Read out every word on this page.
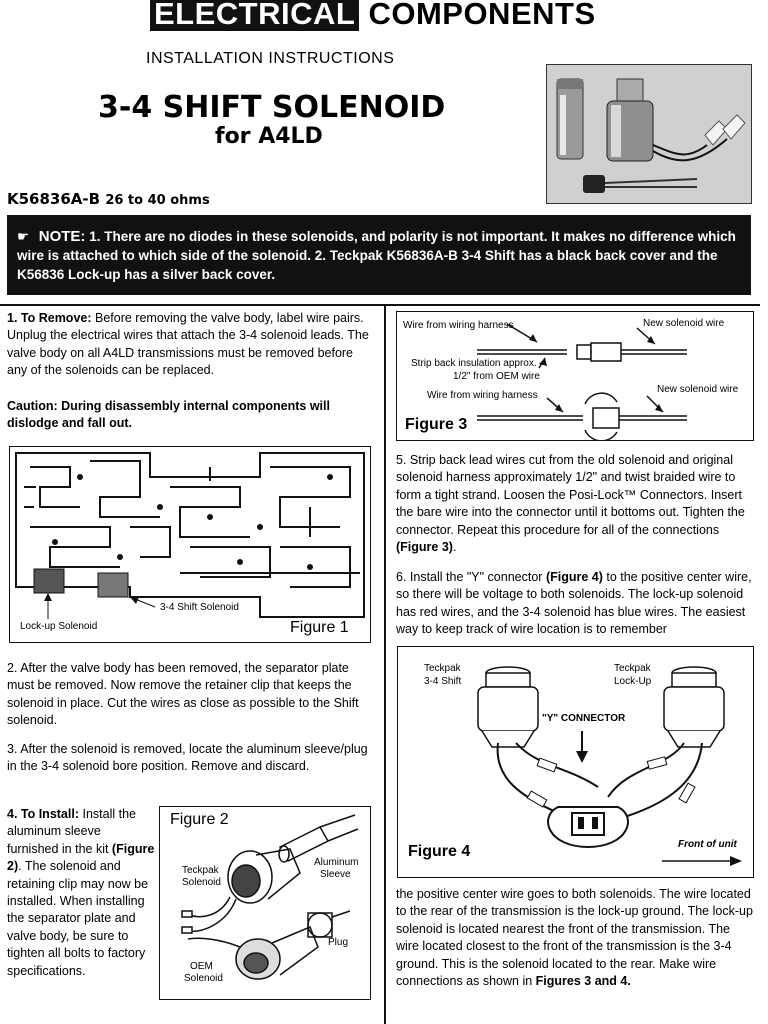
ELECTRICAL COMPONENTS
INSTALLATION INSTRUCTIONS
3-4 SHIFT SOLENOID
for A4LD
K56836A-B 26 to 40 ohms
☛ NOTE: 1. There are no diodes in these solenoids, and polarity is not important. It makes no difference which wire is attached to which side of the solenoid. 2. Teckpak K56836A-B 3-4 Shift has a black back cover and the K56836 Lock-up has a silver back cover.
1. To Remove: Before removing the valve body, label wire pairs. Unplug the electrical wires that attach the 3-4 solenoid leads. The valve body on all A4LD transmissions must be removed before any of the solenoids can be replaced.
Caution: During disassembly internal components will dislodge and fall out.
Lock-up Solenoid
3-4 Shift Solenoid
Figure 1
2. After the valve body has been removed, the separator plate must be removed. Now remove the retainer clip that keeps the solenoid in place. Cut the wires as close as possible to the Shift solenoid.
3. After the solenoid is removed, locate the aluminum sleeve/plug in the 3-4 solenoid bore position. Remove and discard.
4. To Install: Install the aluminum sleeve furnished in the kit (Figure 2). The solenoid and retaining clip may now be installed. When installing the separator plate and valve body, be sure to tighten all bolts to factory specifications.
Figure 2
Teckpak
Solenoid
Aluminum
Sleeve
Plug
OEM
Solenoid
Wire from wiring harness	New solenoid wire
Strip back insulation approx.
1/2" from OEM wire
New solenoid wire
Wire from wiring harness
Figure 3
5. Strip back lead wires cut from the old solenoid and original solenoid harness approximately 1/2" and twist braided wire to form a tight strand. Loosen the Posi-Lock™ Connectors. Insert the bare wire into the connector until it bottoms out. Tighten the connector. Repeat this procedure for all of the connections (Figure 3).
6. Install the "Y" connector (Figure 4) to the positive center wire, so there will be voltage to both solenoids. The lock-up solenoid has red wires, and the 3-4 solenoid has blue wires. The easiest way to keep track of wire location is to remember
Teckpak
3-4 Shift
Teckpak
Lock-Up
"Y" CONNECTOR
Figure 4	Front of unit
the positive center wire goes to both solenoids. The wire located to the rear of the transmission is the lock-up ground. The lock-up solenoid is located nearest the front of the transmission. The wire located closest to the front of the transmission is the 3-4 ground. This is the solenoid located to the rear. Make wire connections as shown in Figures 3 and 4.
